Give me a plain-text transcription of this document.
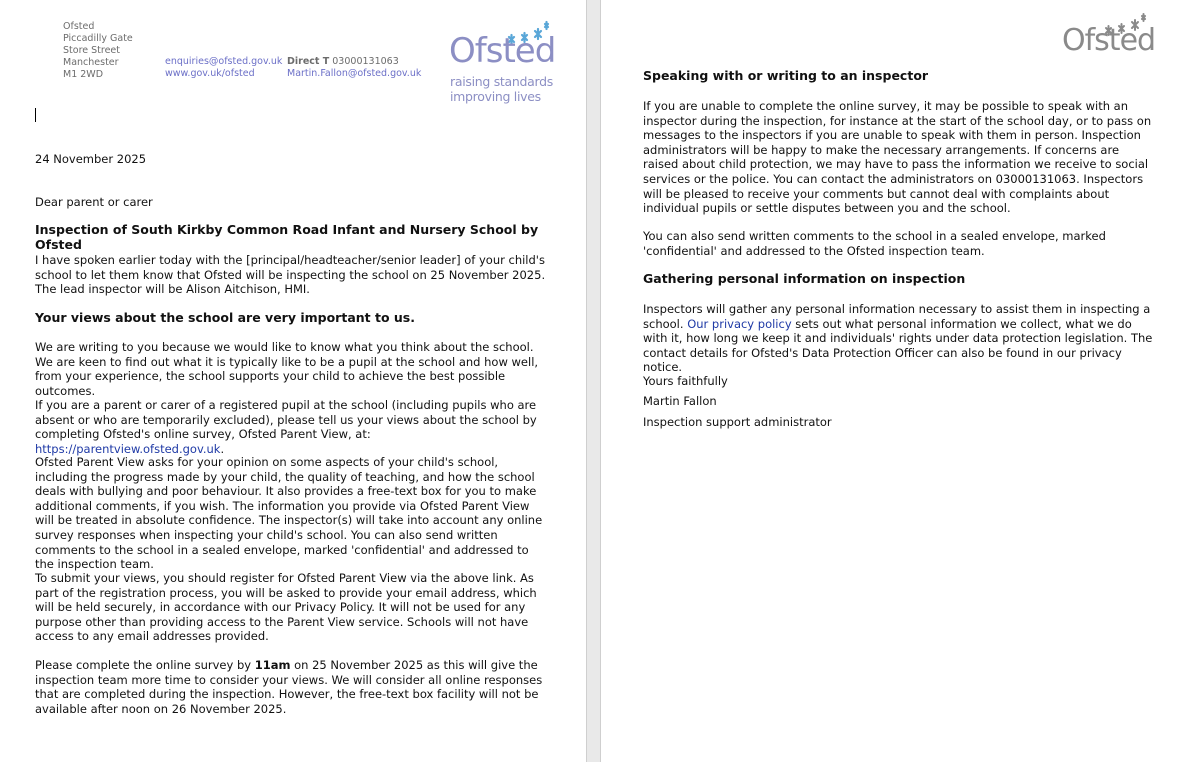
Ofsted
Piccadilly Gate
Store Street
Manchester
M1 2WD
enquiries@ofsted.gov.uk
www.gov.uk/ofsted
Direct T 03000131063
Martin.Fallon@ofsted.gov.uk
Ofsted
raising standards
improving lives
24 November 2025
Dear parent or carer
Inspection of South Kirkby Common Road Infant and Nursery School by Ofsted
I have spoken earlier today with the [principal/headteacher/senior leader] of your child's school to let them know that Ofsted will be inspecting the school on 25 November 2025. The lead inspector will be Alison Aitchison, HMI.
Your views about the school are very important to us.
We are writing to you because we would like to know what you think about the school. We are keen to find out what it is typically like to be a pupil at the school and how well, from your experience, the school supports your child to achieve the best possible outcomes.
If you are a parent or carer of a registered pupil at the school (including pupils who are absent or who are temporarily excluded), please tell us your views about the school by completing Ofsted's online survey, Ofsted Parent View, at: https://parentview.ofsted.gov.uk.
Ofsted Parent View asks for your opinion on some aspects of your child's school, including the progress made by your child, the quality of teaching, and how the school deals with bullying and poor behaviour. It also provides a free-text box for you to make additional comments, if you wish. The information you provide via Ofsted Parent View will be treated in absolute confidence. The inspector(s) will take into account any online survey responses when inspecting your child's school. You can also send written comments to the school in a sealed envelope, marked 'confidential' and addressed to the inspection team.
To submit your views, you should register for Ofsted Parent View via the above link. As part of the registration process, you will be asked to provide your email address, which will be held securely, in accordance with our Privacy Policy. It will not be used for any purpose other than providing access to the Parent View service. Schools will not have access to any email addresses provided.
Please complete the online survey by 11am on 25 November 2025 as this will give the inspection team more time to consider your views. We will consider all online responses that are completed during the inspection. However, the free-text box facility will not be available after noon on 26 November 2025.
Ofsted
Speaking with or writing to an inspector
If you are unable to complete the online survey, it may be possible to speak with an inspector during the inspection, for instance at the start of the school day, or to pass on messages to the inspectors if you are unable to speak with them in person. Inspection administrators will be happy to make the necessary arrangements. If concerns are raised about child protection, we may have to pass the information we receive to social services or the police. You can contact the administrators on 03000131063. Inspectors will be pleased to receive your comments but cannot deal with complaints about individual pupils or settle disputes between you and the school.
You can also send written comments to the school in a sealed envelope, marked 'confidential' and addressed to the Ofsted inspection team.
Gathering personal information on inspection
Inspectors will gather any personal information necessary to assist them in inspecting a school. Our privacy policy sets out what personal information we collect, what we do with it, how long we keep it and individuals' rights under data protection legislation. The contact details for Ofsted's Data Protection Officer can also be found in our privacy notice.
Yours faithfully
Martin Fallon
Inspection support administrator
